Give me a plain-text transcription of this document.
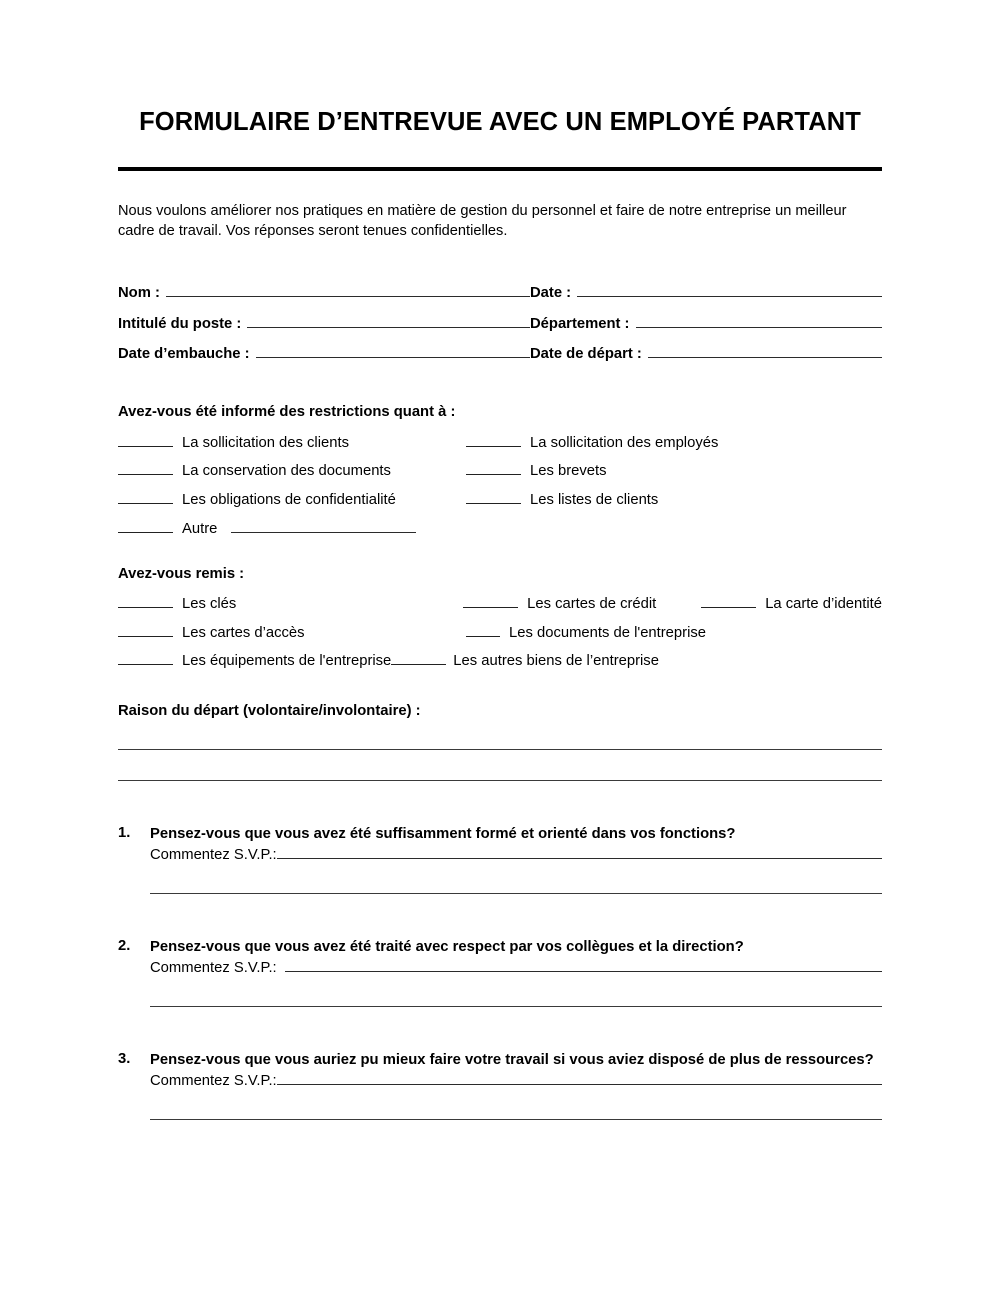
FORMULAIRE D’ENTREVUE AVEC UN EMPLOYÉ PARTANT

Nous voulons améliorer nos pratiques en matière de gestion du personnel et faire de notre entreprise un meilleur cadre de travail. Vos réponses seront tenues confidentielles.

Nom :	Date :
Intitulé du poste :	Département :
Date d’embauche :	Date de départ :

Avez-vous été informé des restrictions quant à :

La sollicitation des clients	La sollicitation des employés
La conservation des documents	Les brevets
Les obligations de confidentialité	Les listes de clients
Autre

Avez-vous remis :

Les clés	Les cartes de crédit	La carte d’identité
Les cartes d’accès	Les documents de l'entreprise
Les équipements de l'entreprise	Les autres biens de l’entreprise

Raison du départ (volontaire/involontaire) :

1.	Pensez-vous que vous avez été suffisamment formé et orienté dans vos fonctions?

Commentez S.V.P.:
2.	Pensez-vous que vous avez été traité avec respect par vos collègues et la direction?

Commentez S.V.P.:
3.	Pensez-vous que vous auriez pu mieux faire votre travail si vous aviez disposé de plus de ressources?

Commentez S.V.P.:
